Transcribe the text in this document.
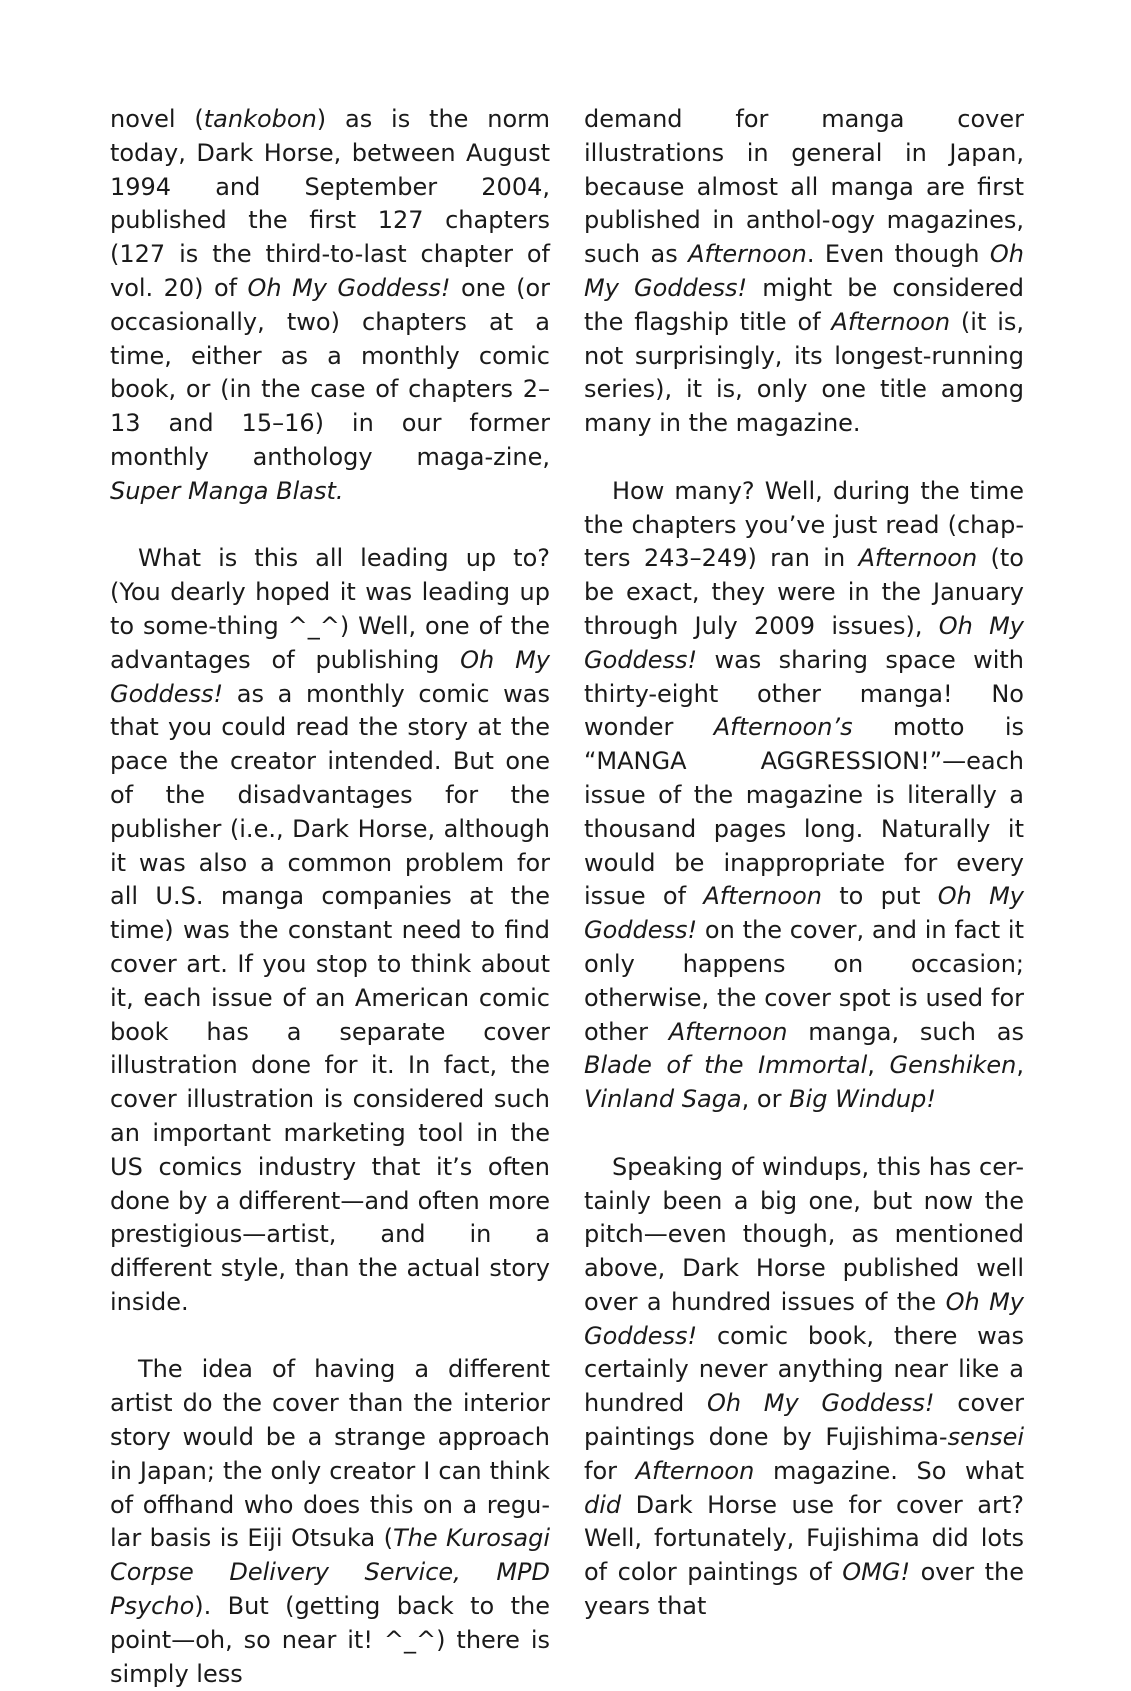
novel (tankobon) as is the norm today, Dark Horse, between August 1994 and September 2004, published the first 127 chapters (127 is the third-to-last chapter of vol. 20) of Oh My Goddess! one (or occasionally, two) chapters at a time, either as a monthly comic book, or (in the case of chapters 2–13 and 15–16) in our former monthly anthology maga-zine, Super Manga Blast.

What is this all leading up to? (You dearly hoped it was leading up to some-thing ^_^) Well, one of the advantages of publishing Oh My Goddess! as a monthly comic was that you could read the story at the pace the creator intended. But one of the disadvantages for the publisher (i.e., Dark Horse, although it was also a common problem for all U.S. manga companies at the time) was the constant need to find cover art. If you stop to think about it, each issue of an American comic book has a separate cover illustration done for it. In fact, the cover illustration is considered such an important marketing tool in the US comics industry that it’s often done by a different—and often more prestigious—artist, and in a different style, than the actual story inside.

The idea of having a different artist do the cover than the interior story would be a strange approach in Japan; the only creator I can think of offhand who does this on a regu-lar basis is Eiji Otsuka (The Kurosagi Corpse Delivery Service, MPD Psycho). But (getting back to the point—oh, so near it! ^_^) there is simply less

demand for manga cover illustrations in general in Japan, because almost all manga are first published in anthol-ogy magazines, such as Afternoon. Even though Oh My Goddess! might be considered the flagship title of Afternoon (it is, not surprisingly, its longest-running series), it is, only one title among many in the magazine.

How many? Well, during the time the chapters you’ve just read (chap-ters 243–249) ran in Afternoon (to be exact, they were in the January through July 2009 issues), Oh My Goddess! was sharing space with thirty-eight other manga! No wonder Afternoon’s motto is “MANGA AGGRESSION!”—each issue of the magazine is literally a thousand pages long. Naturally it would be inappropriate for every issue of Afternoon to put Oh My Goddess! on the cover, and in fact it only happens on occasion; otherwise, the cover spot is used for other Afternoon manga, such as Blade of the Immortal, Genshiken, Vinland Saga, or Big Windup!

Speaking of windups, this has cer-tainly been a big one, but now the pitch—even though, as mentioned above, Dark Horse published well over a hundred issues of the Oh My Goddess! comic book, there was certainly never anything near like a hundred Oh My Goddess! cover paintings done by Fujishima-sensei for Afternoon magazine. So what did Dark Horse use for cover art? Well, fortunately, Fujishima did lots of color paintings of OMG! over the years that
